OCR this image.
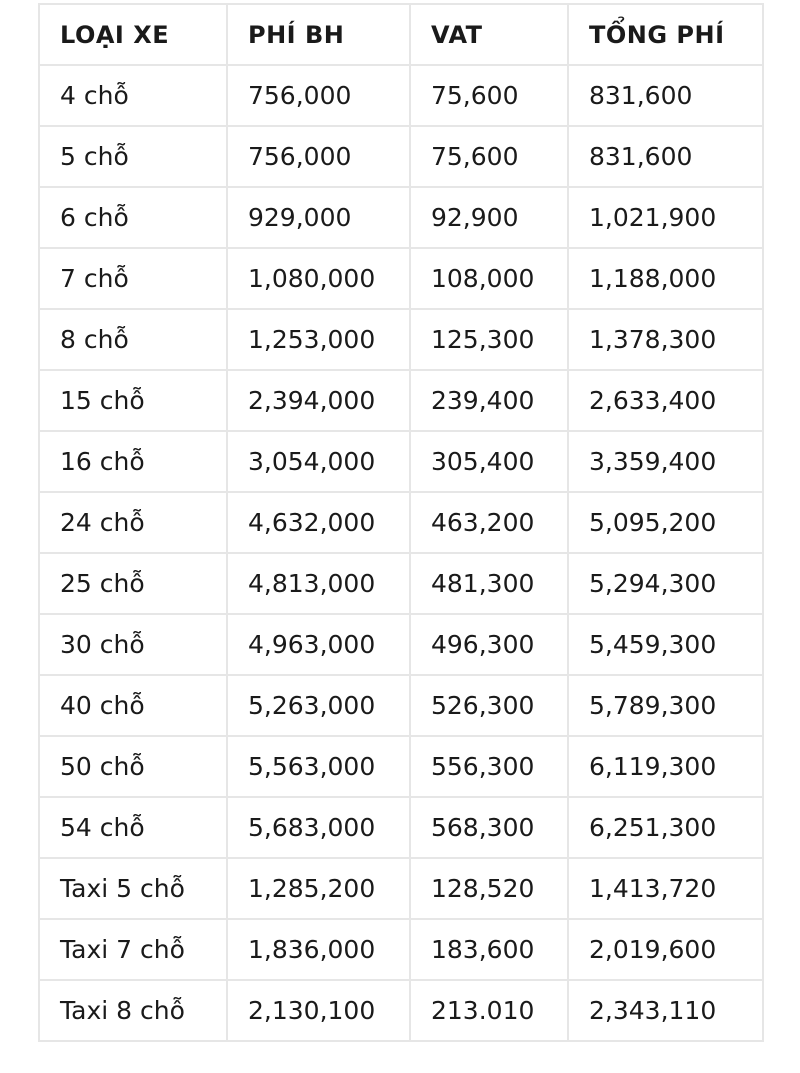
LOẠI XE	PHÍ BH	VAT	TỔNG PHÍ
4 chỗ	756,000	75,600	831,600
5 chỗ	756,000	75,600	831,600
6 chỗ	929,000	92,900	1,021,900
7 chỗ	1,080,000	108,000	1,188,000
8 chỗ	1,253,000	125,300	1,378,300
15 chỗ	2,394,000	239,400	2,633,400
16 chỗ	3,054,000	305,400	3,359,400
24 chỗ	4,632,000	463,200	5,095,200
25 chỗ	4,813,000	481,300	5,294,300
30 chỗ	4,963,000	496,300	5,459,300
40 chỗ	5,263,000	526,300	5,789,300
50 chỗ	5,563,000	556,300	6,119,300
54 chỗ	5,683,000	568,300	6,251,300
Taxi 5 chỗ	1,285,200	128,520	1,413,720
Taxi 7 chỗ	1,836,000	183,600	2,019,600
Taxi 8 chỗ	2,130,100	213.010	2,343,110
